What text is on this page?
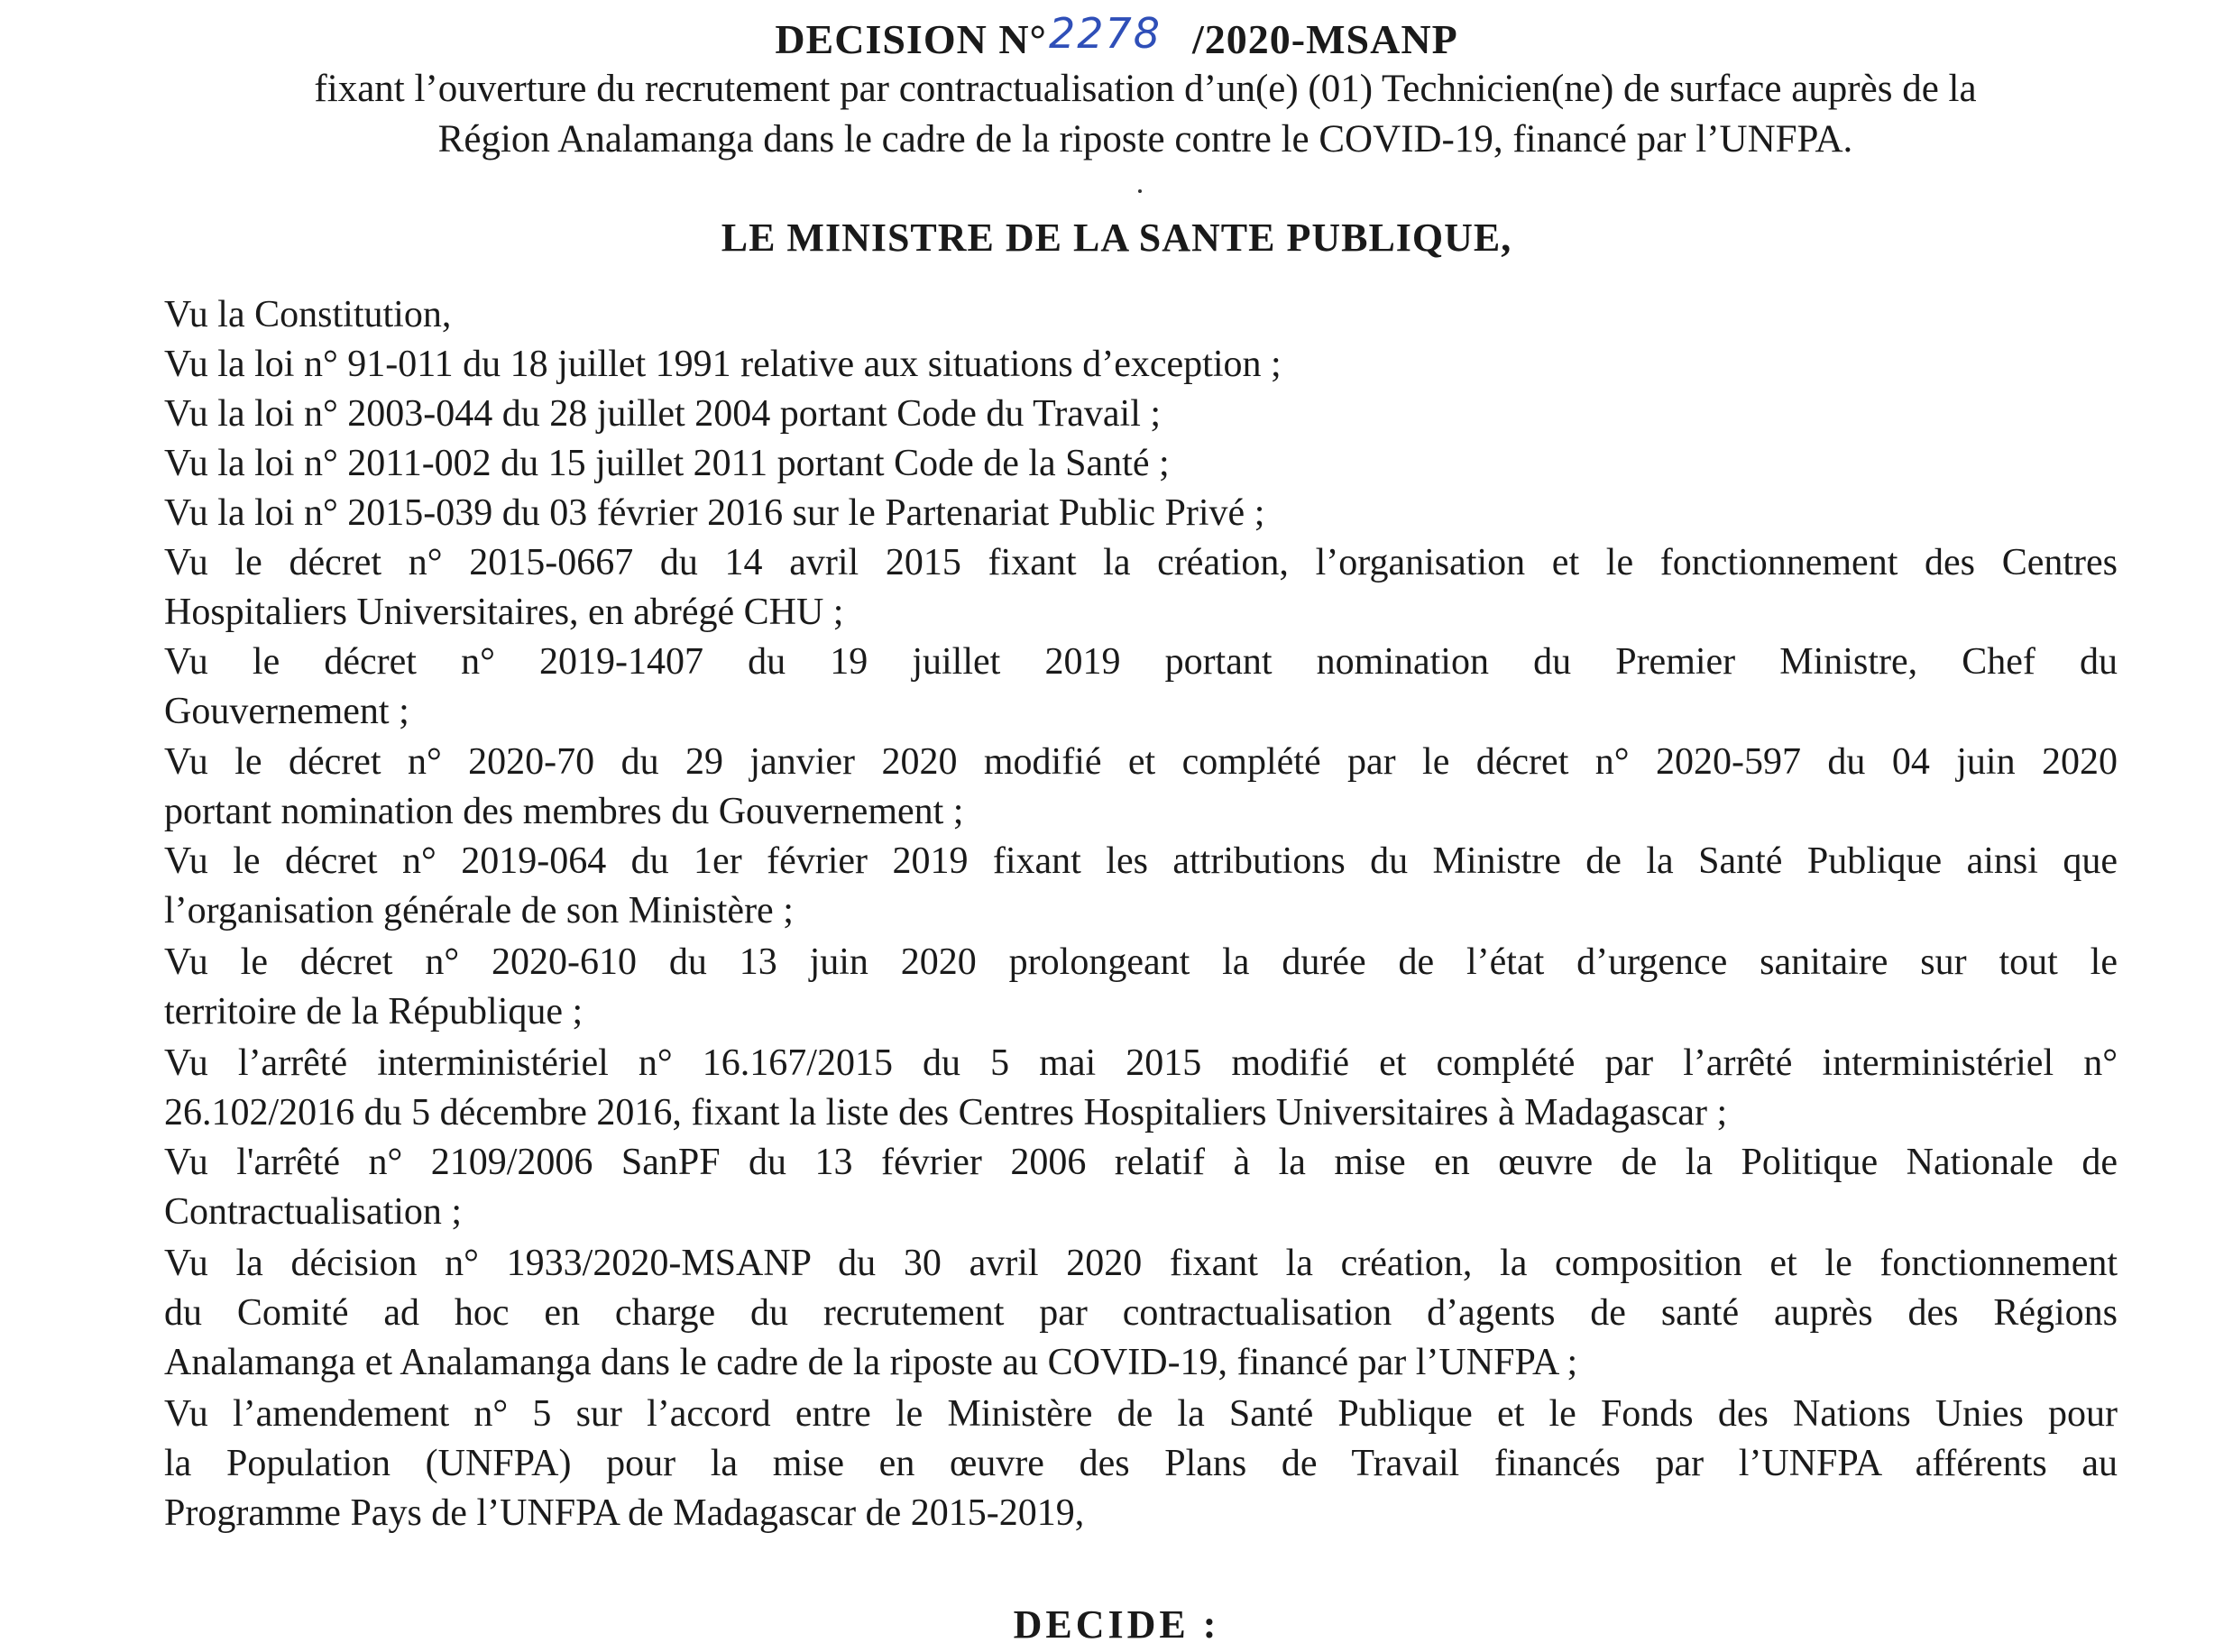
DECISION N°2278 /2020-MSANP
fixant l’ouverture du recrutement par contractualisation d’un(e) (01) Technicien(ne) de surface auprès de la
Région Analamanga dans le cadre de la riposte contre le COVID-19, financé par l’UNFPA.
LE MINISTRE DE LA SANTE PUBLIQUE,

Vu la Constitution,

Vu la loi n° 91-011 du 18 juillet 1991 relative aux situations d’exception ;

Vu la loi n° 2003-044 du 28 juillet 2004 portant Code du Travail ;

Vu la loi n° 2011-002 du 15 juillet 2011 portant Code de la Santé ;

Vu la loi n° 2015-039 du 03 février 2016 sur le Partenariat Public Privé ;

Vu le décret n° 2015-0667 du 14 avril 2015 fixant la création, l’organisation et le fonctionnement des Centres

Hospitaliers Universitaires, en abrégé CHU ;

Vu le décret n° 2019-1407 du 19 juillet 2019 portant nomination du Premier Ministre, Chef du

Gouvernement ;

Vu le décret n° 2020-70 du 29 janvier 2020 modifié et complété par le décret n° 2020-597 du 04 juin 2020

portant nomination des membres du Gouvernement ;

Vu le décret n° 2019-064 du 1er février 2019 fixant les attributions du Ministre de la Santé Publique ainsi que

l’organisation générale de son Ministère ;

Vu le décret n° 2020-610 du 13 juin 2020 prolongeant la durée de l’état d’urgence sanitaire sur tout le

territoire de la République ;

Vu l’arrêté interministériel n° 16.167/2015 du 5 mai 2015 modifié et complété par l’arrêté interministériel n°

26.102/2016 du 5 décembre 2016, fixant la liste des Centres Hospitaliers Universitaires à Madagascar ;

Vu l'arrêté n° 2109/2006 SanPF du 13 février 2006 relatif à la mise en œuvre de la Politique Nationale de

Contractualisation ;

Vu la décision n° 1933/2020-MSANP du 30 avril 2020 fixant la création, la composition et le fonctionnement

du Comité ad hoc en charge du recrutement par contractualisation d’agents de santé auprès des Régions

Analamanga et Analamanga dans le cadre de la riposte au COVID-19, financé par l’UNFPA ;

Vu l’amendement n° 5 sur l’accord entre le Ministère de la Santé Publique et le Fonds des Nations Unies pour

la Population (UNFPA) pour la mise en œuvre des Plans de Travail financés par l’UNFPA afférents au

Programme Pays de l’UNFPA de Madagascar de 2015-2019,

DECIDE :
